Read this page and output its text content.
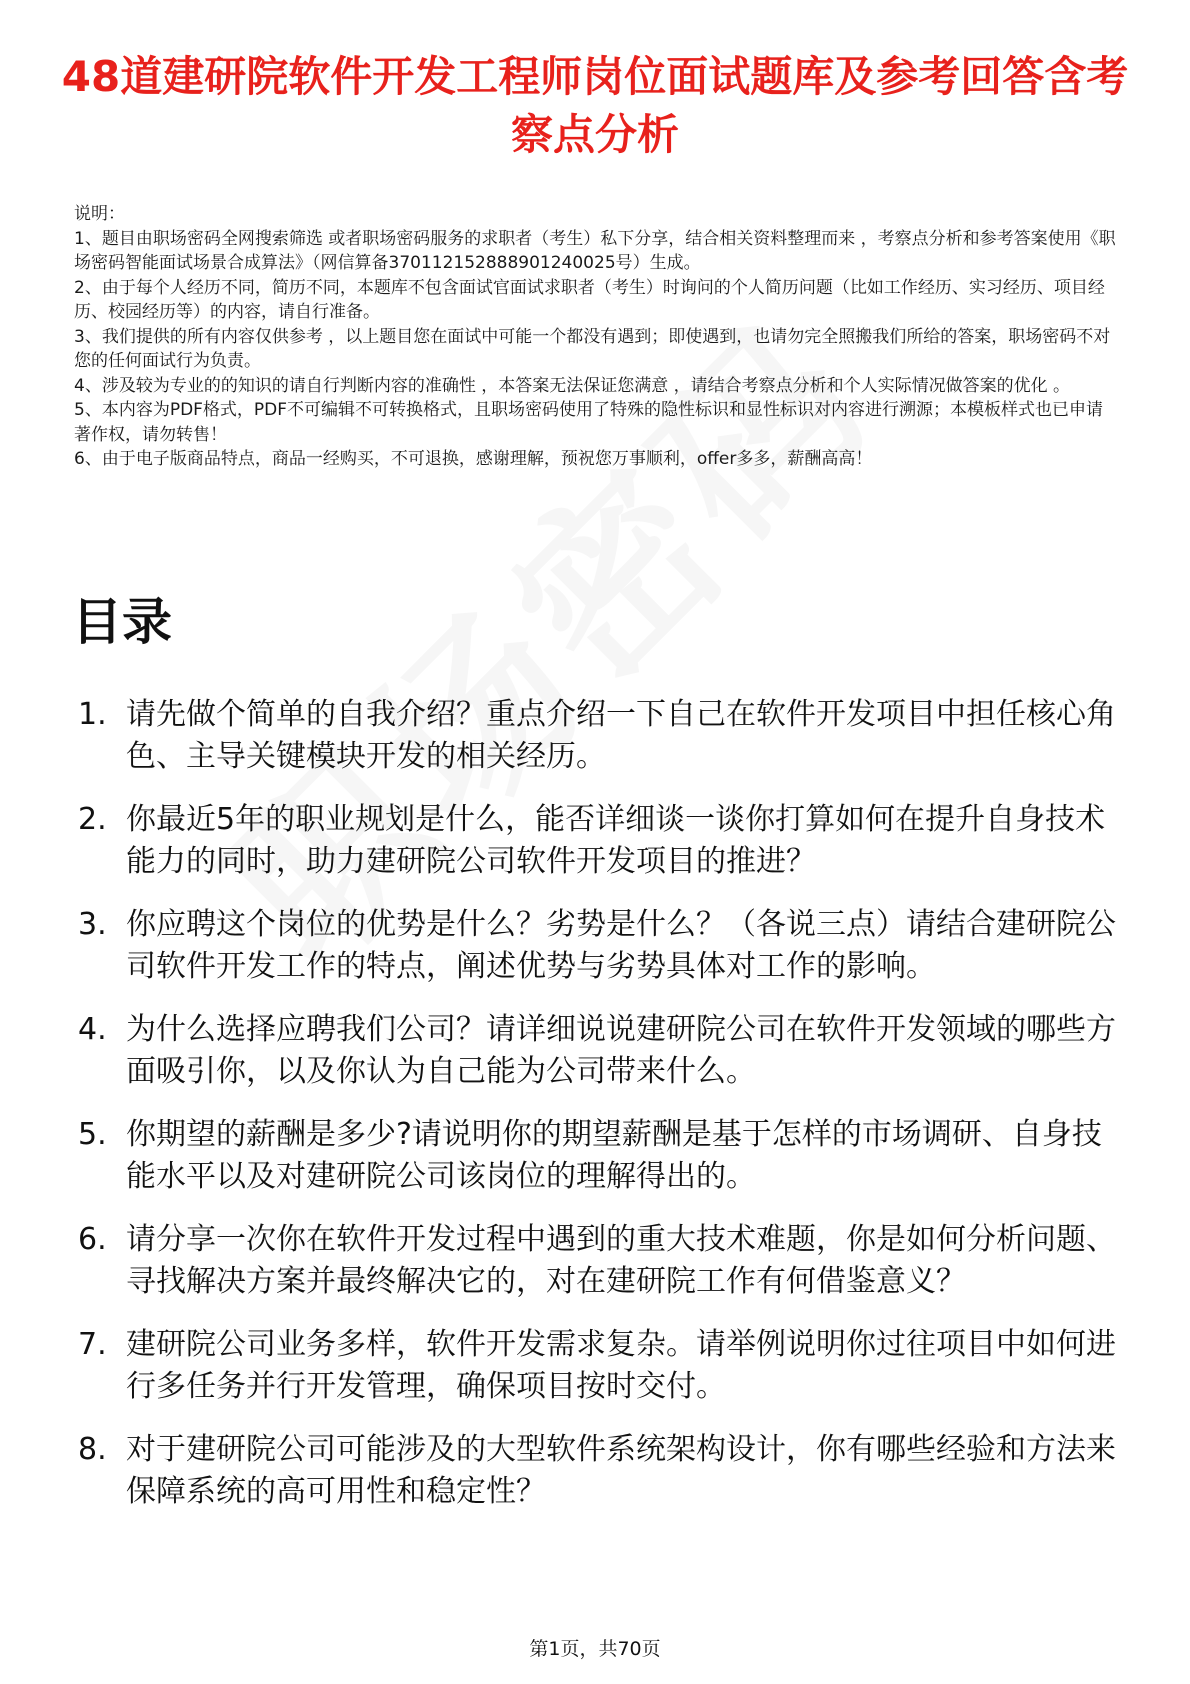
48道建研院软件开发工程师岗位面试题库及参考回答含考察点分析

说明：

1、题目由职场密码全网搜索筛选 或者职场密码服务的求职者（考生）私下分享，结合相关资料整理而来 ，考察点分析和参考答案使用《职场密码智能面试场景合成算法》（网信算备370112152888901240025号）生成。

2、由于每个人经历不同，简历不同，本题库不包含面试官面试求职者（考生）时询问的个人简历问题（比如工作经历、实习经历、项目经历、校园经历等）的内容，请自行准备。

3、我们提供的所有内容仅供参考 ，以上题目您在面试中可能一个都没有遇到；即使遇到，也请勿完全照搬我们所给的答案，职场密码不对您的任何面试行为负责。

4、涉及较为专业的的知识的请自行判断内容的准确性 ，本答案无法保证您满意 ，请结合考察点分析和个人实际情况做答案的优化 。

5、本内容为PDF格式，PDF不可编辑不可转换格式，且职场密码使用了特殊的隐性标识和显性标识对内容进行溯源；本模板样式也已申请著作权，请勿转售！

6、由于电子版商品特点，商品一经购买，不可退换，感谢理解，预祝您万事顺利，offer多多，薪酬高高！

目录
1. 请先做个简单的自我介绍？重点介绍一下自己在软件开发项目中担任核心角色、主导关键模块开发的相关经历。
2. 你最近5年的职业规划是什么，能否详细谈一谈你打算如何在提升自身技术能力的同时，助力建研院公司软件开发项目的推进？
3. 你应聘这个岗位的优势是什么？劣势是什么？（各说三点）请结合建研院公司软件开发工作的特点，阐述优势与劣势具体对工作的影响。
4. 为什么选择应聘我们公司？请详细说说建研院公司在软件开发领域的哪些方面吸引你，以及你认为自己能为公司带来什么。
5. 你期望的薪酬是多少?请说明你的期望薪酬是基于怎样的市场调研、自身技能水平以及对建研院公司该岗位的理解得出的。
6. 请分享一次你在软件开发过程中遇到的重大技术难题，你是如何分析问题、寻找解决方案并最终解决它的，对在建研院工作有何借鉴意义？
7. 建研院公司业务多样，软件开发需求复杂。请举例说明你过往项目中如何进行多任务并行开发管理，确保项目按时交付。
8. 对于建研院公司可能涉及的大型软件系统架构设计，你有哪些经验和方法来保障系统的高可用性和稳定性？
第1页，共70页
